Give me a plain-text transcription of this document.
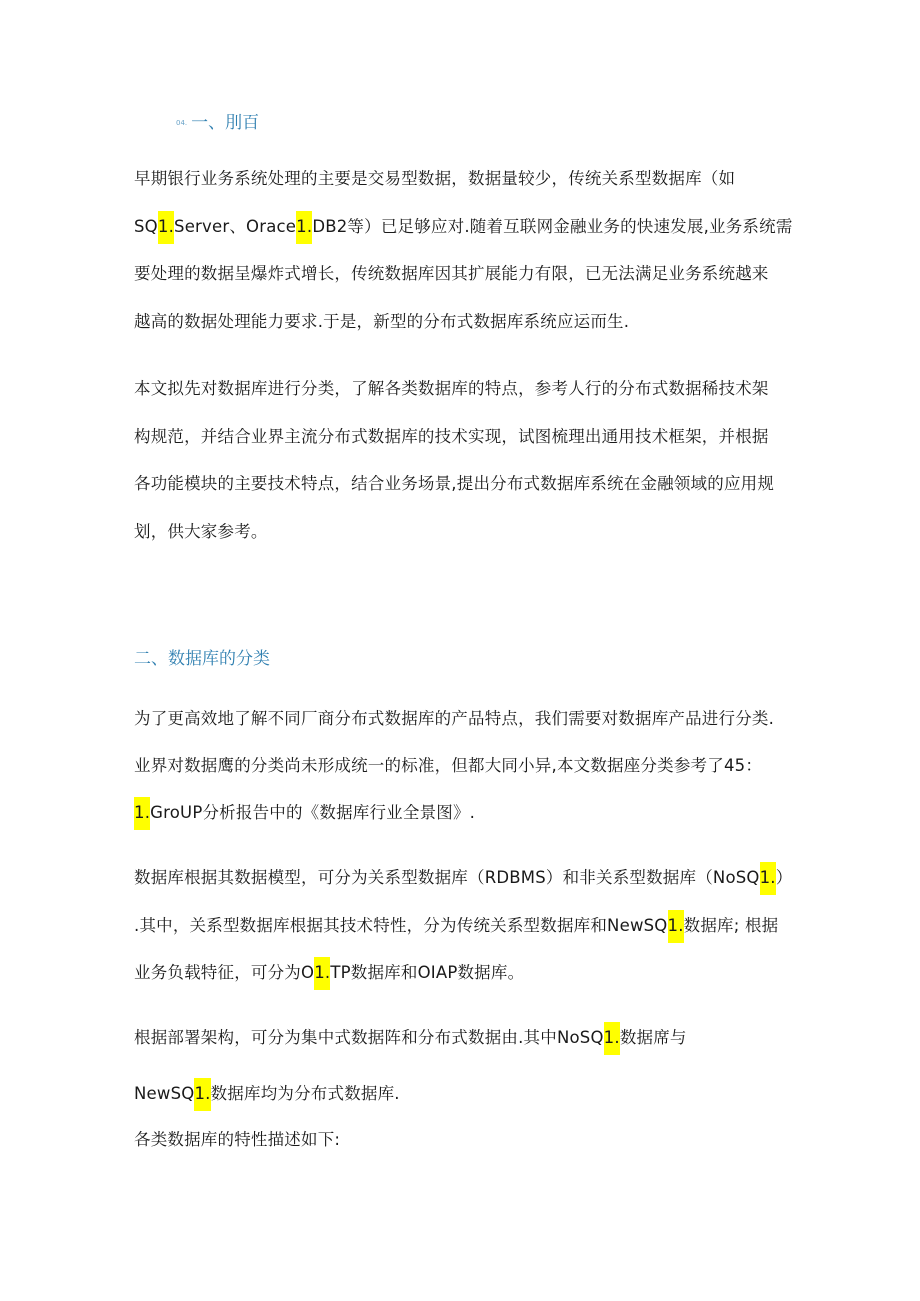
04. 一、刖百
早期银行业务系统处理的主要是交易型数据，数据量较少，传统关系型数据库（如
SQ1.Server、Orace1.DB2等）已足够应对.随着互联网金融业务的快速发展,业务系统需
要处理的数据呈爆炸式增长，传统数据库因其扩展能力有限，已无法满足业务系统越来
越高的数据处理能力要求.于是，新型的分布式数据库系统应运而生.
本文拟先对数据库进行分类，了解各类数据库的特点，参考人行的分布式数据稀技术架
构规范，并结合业界主流分布式数据库的技术实现，试图梳理出通用技术框架，并根据
各功能模块的主要技术特点，结合业务场景,提出分布式数据库系统在金融领域的应用规
划，供大家参考。
二、数据库的分类
为了更高效地了解不同厂商分布式数据库的产品特点，我们需要对数据库产品进行分类.
业界对数据鹰的分类尚未形成统一的标准，但都大同小异,本文数据座分类参考了45：
1.GroUP分析报告中的《数据库行业全景图》.
数据库根据其数据模型，可分为关系型数据库（RDBMS）和非关系型数据库（NoSQ1.）
.其中，关系型数据库根据其技术特性，分为传统关系型数据库和NewSQ1.数据库; 根据
业务负载特征，可分为O1.TP数据库和OIAP数据库。
根据部署架构，可分为集中式数据阵和分布式数据由.其中NoSQ1.数据席与
NewSQ1.数据库均为分布式数据库.
各类数据库的特性描述如下:
